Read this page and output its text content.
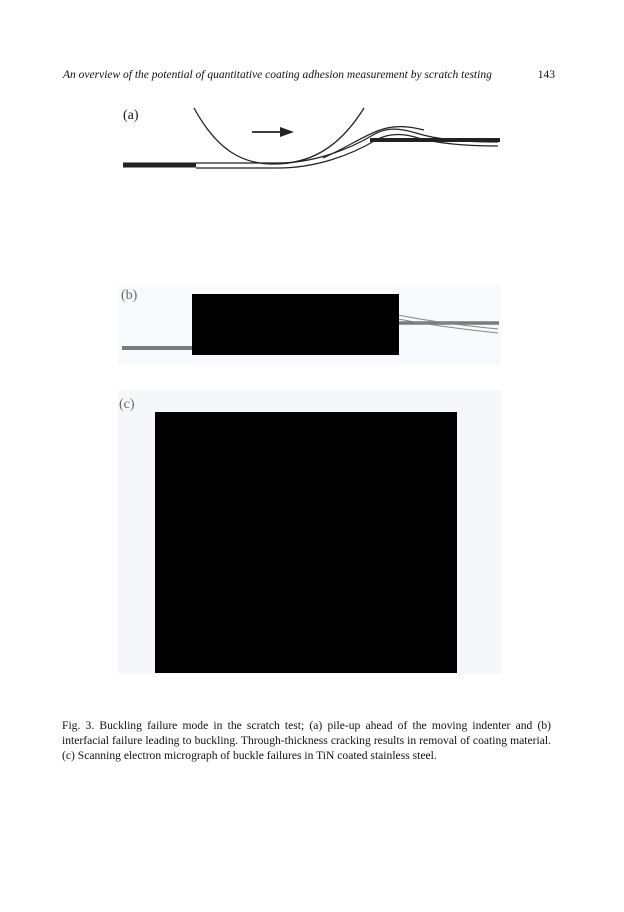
An overview of the potential of quantitative coating adhesion measurement by scratch testing	143
(a)
(b)
(c)

Fig. 3. Buckling failure mode in the scratch test; (a) pile-up ahead of the moving indenter and (b) interfacial failure leading to buckling. Through-thickness cracking results in removal of coating material. (c) Scanning electron micrograph of buckle failures in TiN coated stainless steel.
